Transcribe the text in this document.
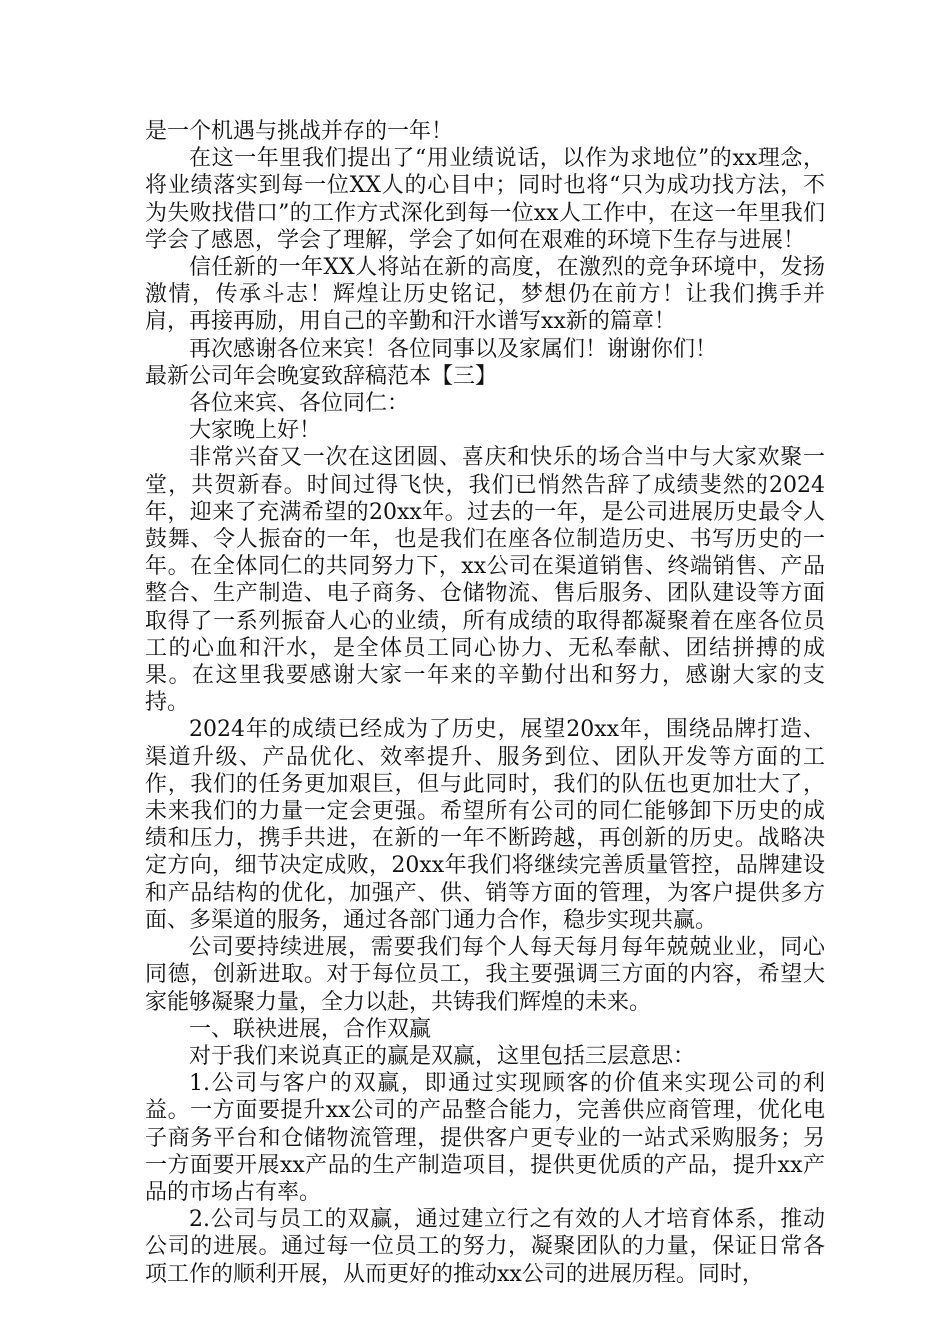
是一个机遇与挑战并存的一年！

在这一年里我们提出了“用业绩说话，以作为求地位”的xx理念，将业绩落实到每一位XX人的心目中；同时也将“只为成功找方法，不为失败找借口”的工作方式深化到每一位xx人工作中，在这一年里我们学会了感恩，学会了理解，学会了如何在艰难的环境下生存与进展！

信任新的一年XX人将站在新的高度，在激烈的竞争环境中，发扬激情，传承斗志！辉煌让历史铭记，梦想仍在前方！让我们携手并肩，再接再励，用自己的辛勤和汗水谱写xx新的篇章！

再次感谢各位来宾！各位同事以及家属们！谢谢你们！

最新公司年会晚宴致辞稿范本【三】

各位来宾、各位同仁：

大家晚上好！

非常兴奋又一次在这团圆、喜庆和快乐的场合当中与大家欢聚一堂，共贺新春。时间过得飞快，我们已悄然告辞了成绩斐然的2024年，迎来了充满希望的20xx年。过去的一年，是公司进展历史最令人鼓舞、令人振奋的一年，也是我们在座各位制造历史、书写历史的一年。在全体同仁的共同努力下，xx公司在渠道销售、终端销售、产品整合、生产制造、电子商务、仓储物流、售后服务、团队建设等方面取得了一系列振奋人心的业绩，所有成绩的取得都凝聚着在座各位员工的心血和汗水，是全体员工同心协力、无私奉献、团结拼搏的成果。在这里我要感谢大家一年来的辛勤付出和努力，感谢大家的支持。

2024年的成绩已经成为了历史，展望20xx年，围绕品牌打造、渠道升级、产品优化、效率提升、服务到位、团队开发等方面的工作，我们的任务更加艰巨，但与此同时，我们的队伍也更加壮大了，未来我们的力量一定会更强。希望所有公司的同仁能够卸下历史的成绩和压力，携手共进，在新的一年不断跨越，再创新的历史。战略决定方向，细节决定成败，20xx年我们将继续完善质量管控，品牌建设和产品结构的优化，加强产、供、销等方面的管理，为客户提供多方面、多渠道的服务，通过各部门通力合作，稳步实现共赢。

公司要持续进展，需要我们每个人每天每月每年兢兢业业，同心同德，创新进取。对于每位员工，我主要强调三方面的内容，希望大家能够凝聚力量，全力以赴，共铸我们辉煌的未来。

一、联袂进展，合作双赢

对于我们来说真正的赢是双赢，这里包括三层意思：

1.公司与客户的双赢，即通过实现顾客的价值来实现公司的利益。一方面要提升xx公司的产品整合能力，完善供应商管理，优化电子商务平台和仓储物流管理，提供客户更专业的一站式采购服务；另一方面要开展xx产品的生产制造项目，提供更优质的产品，提升xx产品的市场占有率。

2.公司与员工的双赢，通过建立行之有效的人才培育体系，推动公司的进展。通过每一位员工的努力，凝聚团队的力量，保证日常各项工作的顺利开展，从而更好的推动xx公司的进展历程。同时，
